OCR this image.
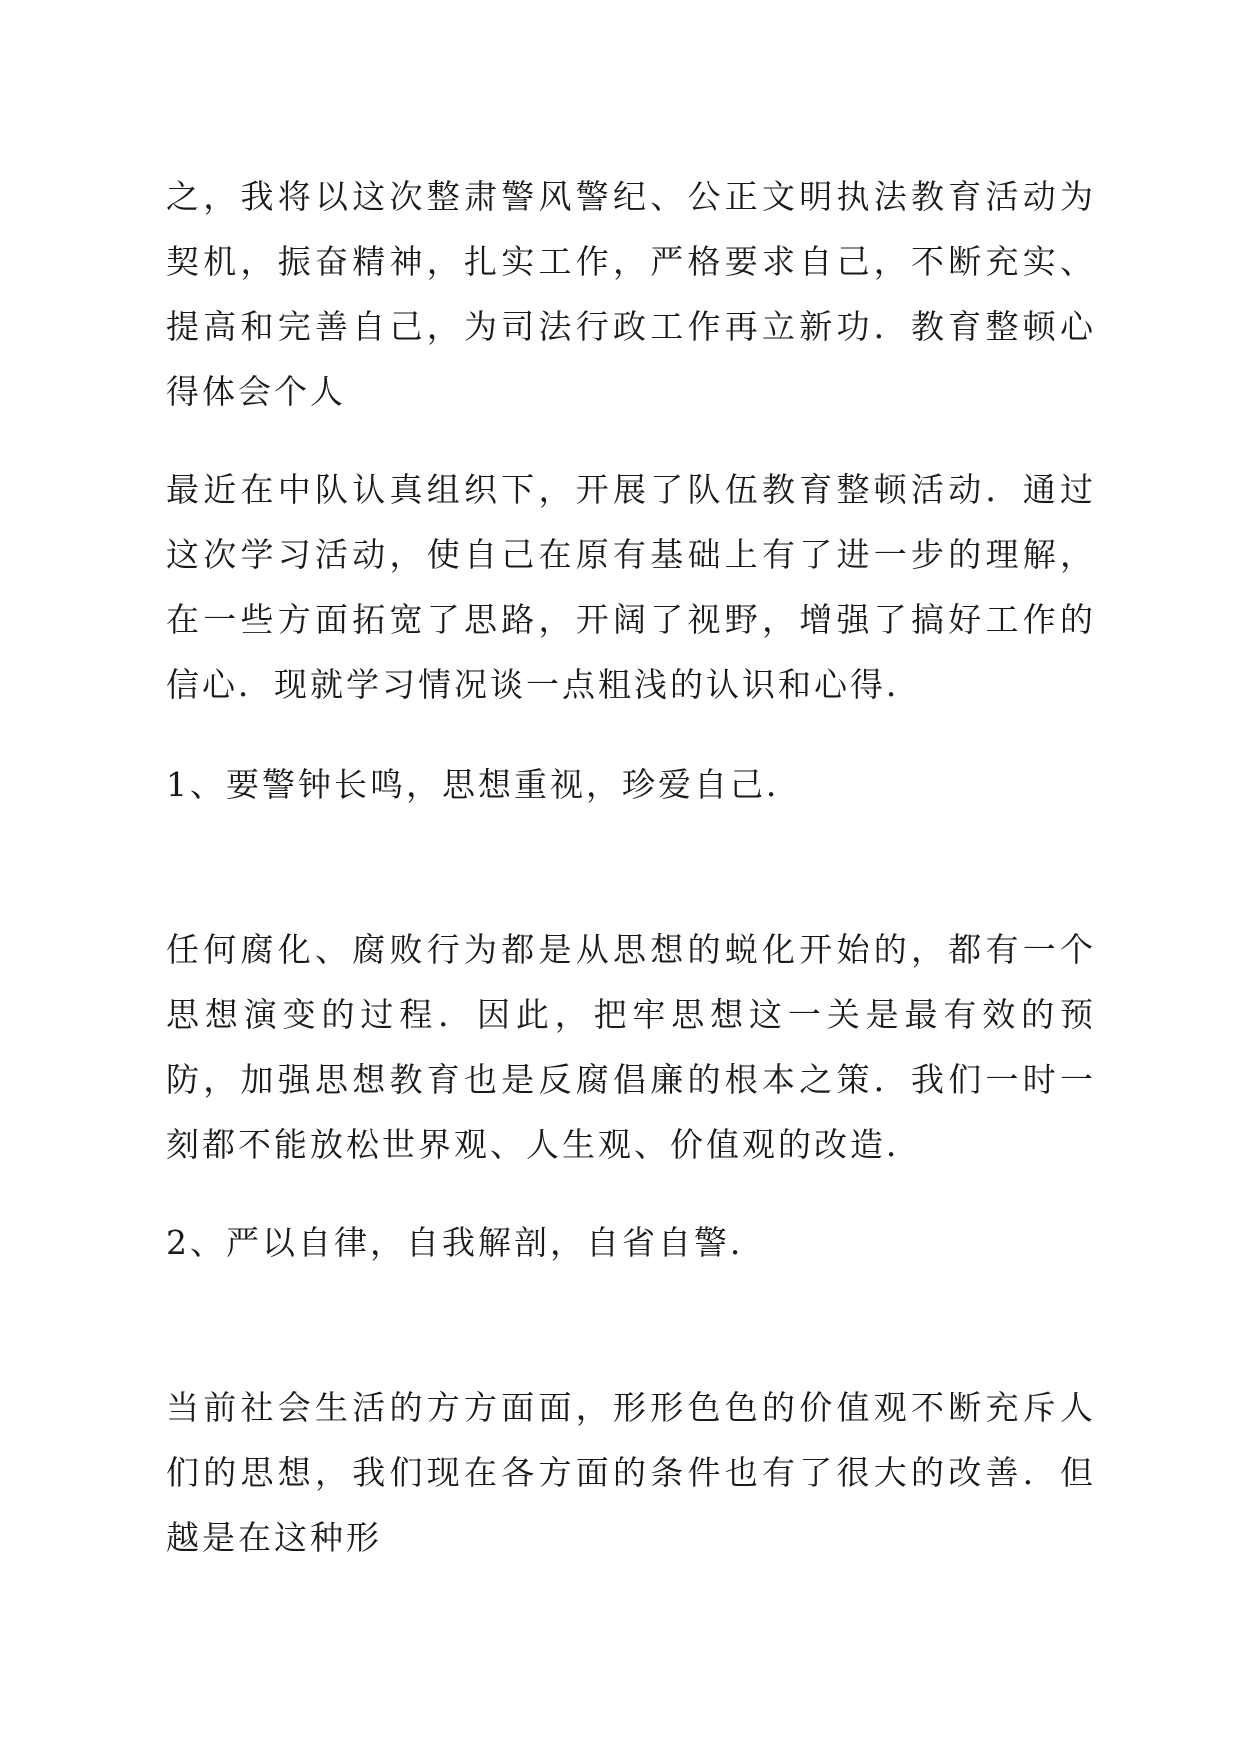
之，我将以这次整肃警风警纪、公正文明执法教育活动为契机，振奋精神，扎实工作，严格要求自己，不断充实、提高和完善自己，为司法行政工作再立新功．教育整顿心得体会个人

最近在中队认真组织下，开展了队伍教育整顿活动．通过这次学习活动，使自己在原有基础上有了进一步的理解，在一些方面拓宽了思路，开阔了视野，增强了搞好工作的信心．现就学习情况谈一点粗浅的认识和心得．

1、要警钟长鸣，思想重视，珍爱自己．

任何腐化、腐败行为都是从思想的蜕化开始的，都有一个思想演变的过程．因此，把牢思想这一关是最有效的预防，加强思想教育也是反腐倡廉的根本之策．我们一时一刻都不能放松世界观、人生观、价值观的改造．

2、严以自律，自我解剖，自省自警．

当前社会生活的方方面面，形形色色的价值观不断充斥人们的思想，我们现在各方面的条件也有了很大的改善．但越是在这种形
